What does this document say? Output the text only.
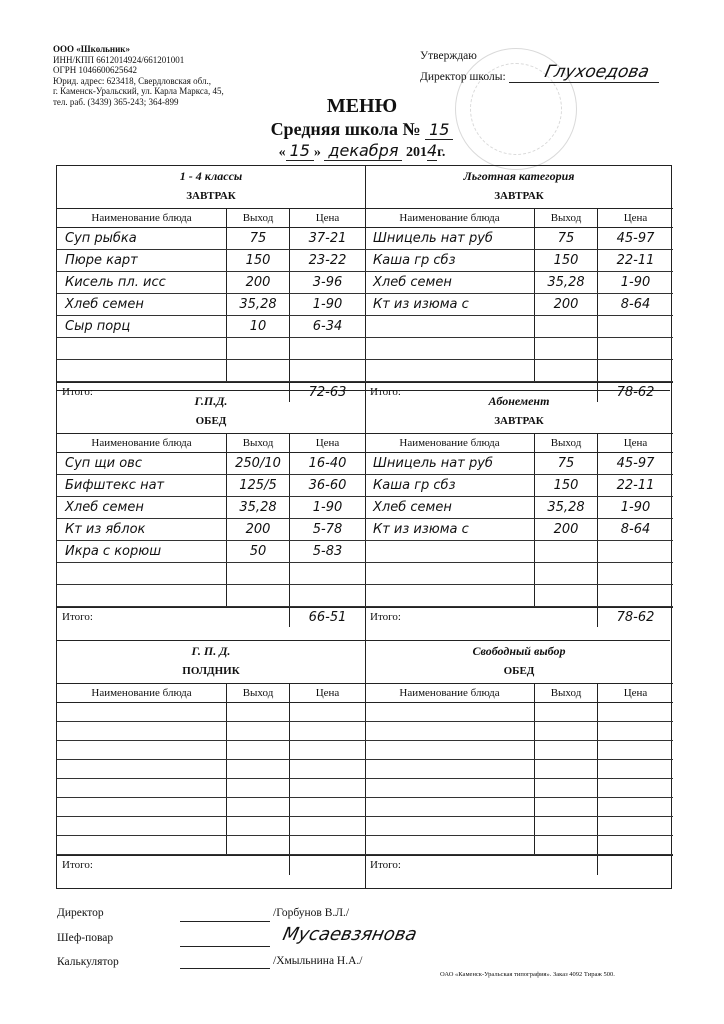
ООО «Школьник»
ИНН/КПП 6612014924/661201001
ОГРН 1046600625642
Юрид. адрес: 623418, Свердловская обл.,
г. Каменск-Уральский, ул. Карла Маркса, 45,
тел. раб. (3439) 365-243; 364-899
Утверждаю
Директор школы:	Глухоедова
МЕНЮ
Средняя школа № 15
« 15 » декабря 2014г.
1 - 4 классы
ЗАВТРАК
Наименование блюда	Выход	Цена
Суп рыбка	75	37-21
Пюре карт	150	23-22
Кисель пл. исс	200	3-96
Хлеб семен	35,28	1-90
Сыр порц	10	6-34
Итого:	72-63
Льготная категория
ЗАВТРАК
Наименование блюда	Выход	Цена
Шницель нат руб	75	45-97
Каша гр сбз	150	22-11
Хлеб семен	35,28	1-90
Кт из изюма с	200	8-64
Итого:	78-62
Г.П.Д.
ОБЕД
Наименование блюда	Выход	Цена
Суп щи овс	250/10	16-40
Бифштекс нат	125/5	36-60
Хлеб семен	35,28	1-90
Кт из яблок	200	5-78
Икра с корюш	50	5-83
Итого:	66-51
Абонемент
ЗАВТРАК
Наименование блюда	Выход	Цена
Шницель нат руб	75	45-97
Каша гр сбз	150	22-11
Хлеб семен	35,28	1-90
Кт из изюма с	200	8-64
Итого:	78-62
Г. П. Д.
ПОЛДНИК
Наименование блюда	Выход	Цена
Итого:
Свободный выбор
ОБЕД
Наименование блюда	Выход	Цена
Итого:
Директор	/Горбунов В.Л./
Шеф-повар	Мусаевзянова
Калькулятор	/Хмыльнина Н.А./
ОАО «Каменск-Уральская типография». Заказ 4092 Тираж 500.
